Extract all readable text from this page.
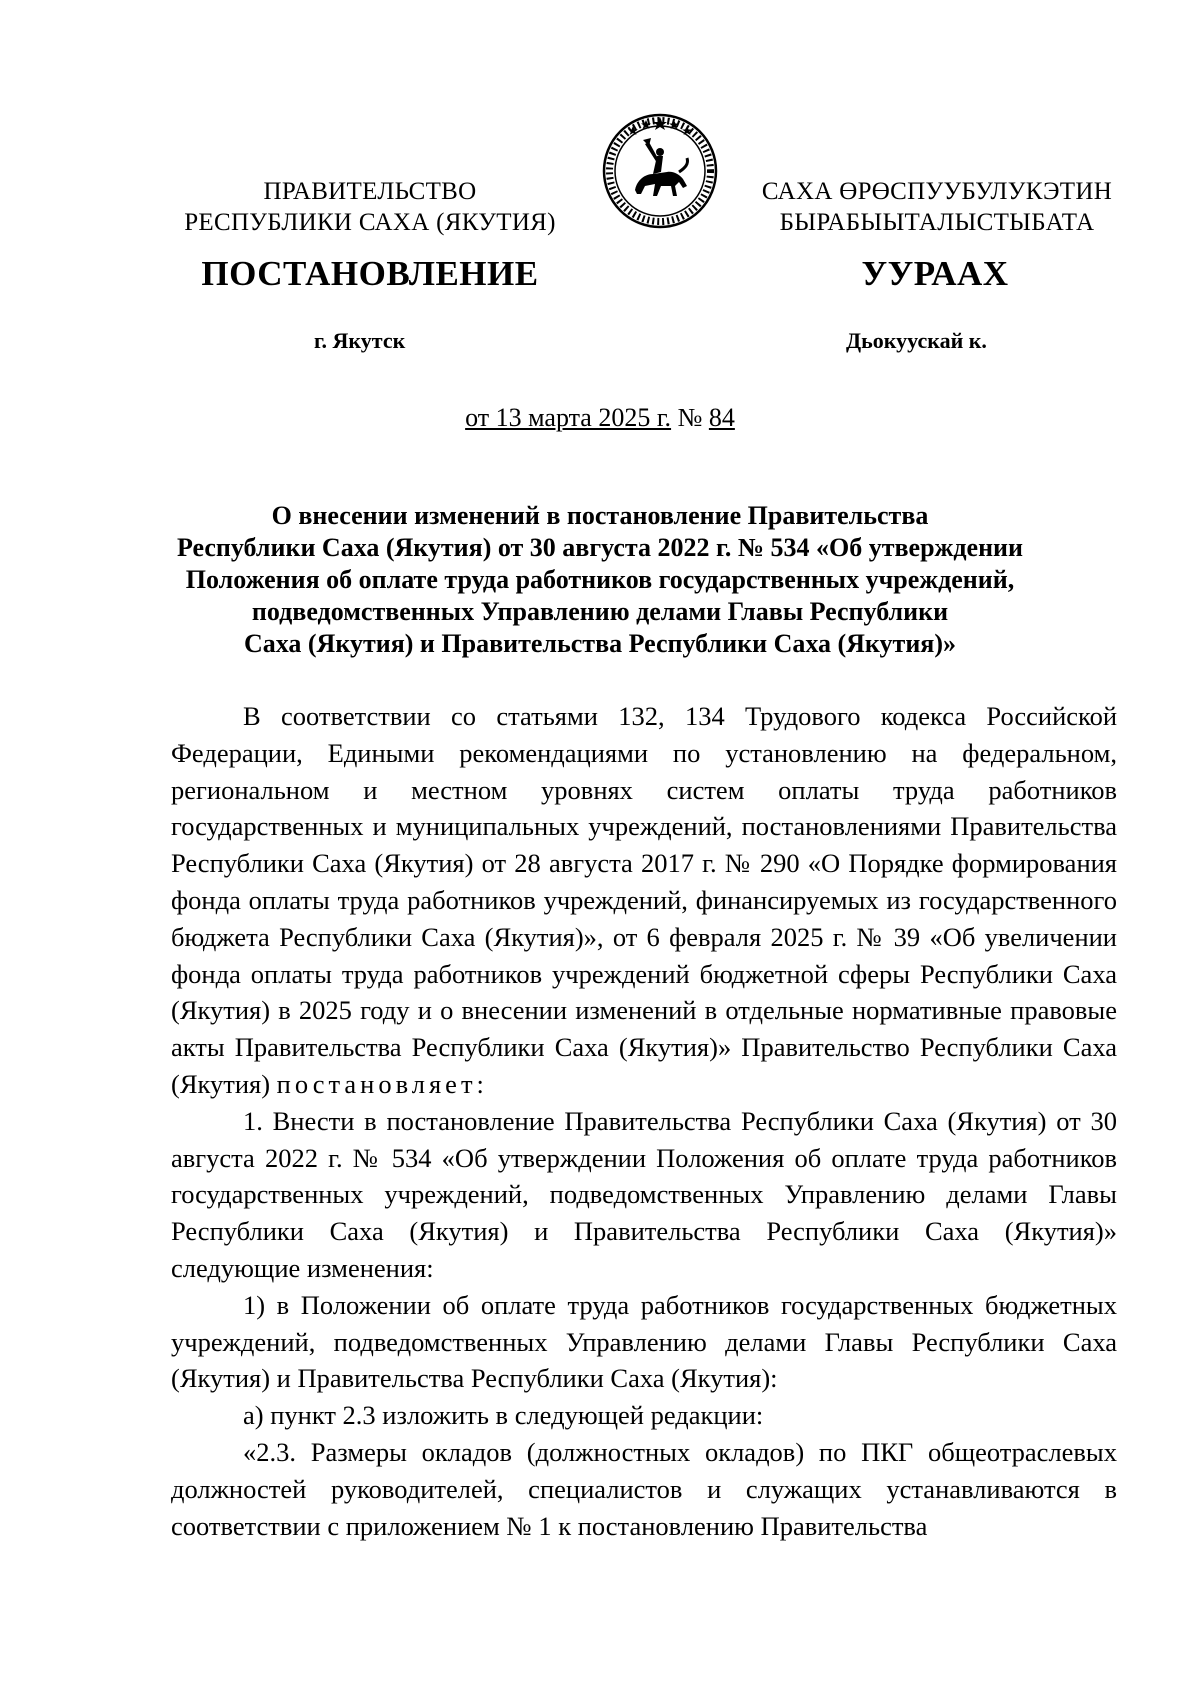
ПРАВИТЕЛЬСТВО
РЕСПУБЛИКИ САХА (ЯКУТИЯ)
САХА ӨРӨСПУУБУЛУКЭТИН
БЫРАБЫЫТАЛЫСТЫБАТА
ПОСТАНОВЛЕНИЕ	УУРААХ
г. Якутск	Дьокуускай к.
от 13 марта 2025 г. № 84
О внесении изменений в постановление Правительства
Республики Саха (Якутия) от 30 августа 2022 г. № 534 «Об утверждении
Положения об оплате труда работников государственных учреждений,
подведомственных Управлению делами Главы Республики
Саха (Якутия) и Правительства Республики Саха (Якутия)»

В соответствии со статьями 132, 134 Трудового кодекса Российской Федерации, Едиными рекомендациями по установлению на федеральном, региональном и местном уровнях систем оплаты труда работников государственных и муниципальных учреждений, постановлениями Правительства Республики Саха (Якутия) от 28 августа 2017 г. № 290 «О Порядке формирования фонда оплаты труда работников учреждений, финансируемых из государственного бюджета Республики Саха (Якутия)», от 6 февраля 2025 г. № 39 «Об увеличении фонда оплаты труда работников учреждений бюджетной сферы Республики Саха (Якутия) в 2025 году и о внесении изменений в отдельные нормативные правовые акты Правительства Республики Саха (Якутия)» Правительство Республики Саха (Якутия) постановляет:

1. Внести в постановление Правительства Республики Саха (Якутия) от 30 августа 2022 г. № 534 «Об утверждении Положения об оплате труда работников государственных учреждений, подведомственных Управлению делами Главы Республики Саха (Якутия) и Правительства Республики Саха (Якутия)» следующие изменения:

1) в Положении об оплате труда работников государственных бюджетных учреждений, подведомственных Управлению делами Главы Республики Саха (Якутия) и Правительства Республики Саха (Якутия):

а) пункт 2.3 изложить в следующей редакции:

«2.3. Размеры окладов (должностных окладов) по ПКГ общеотраслевых должностей руководителей, специалистов и служащих устанавливаются в соответствии с приложением № 1 к постановлению Правительства
